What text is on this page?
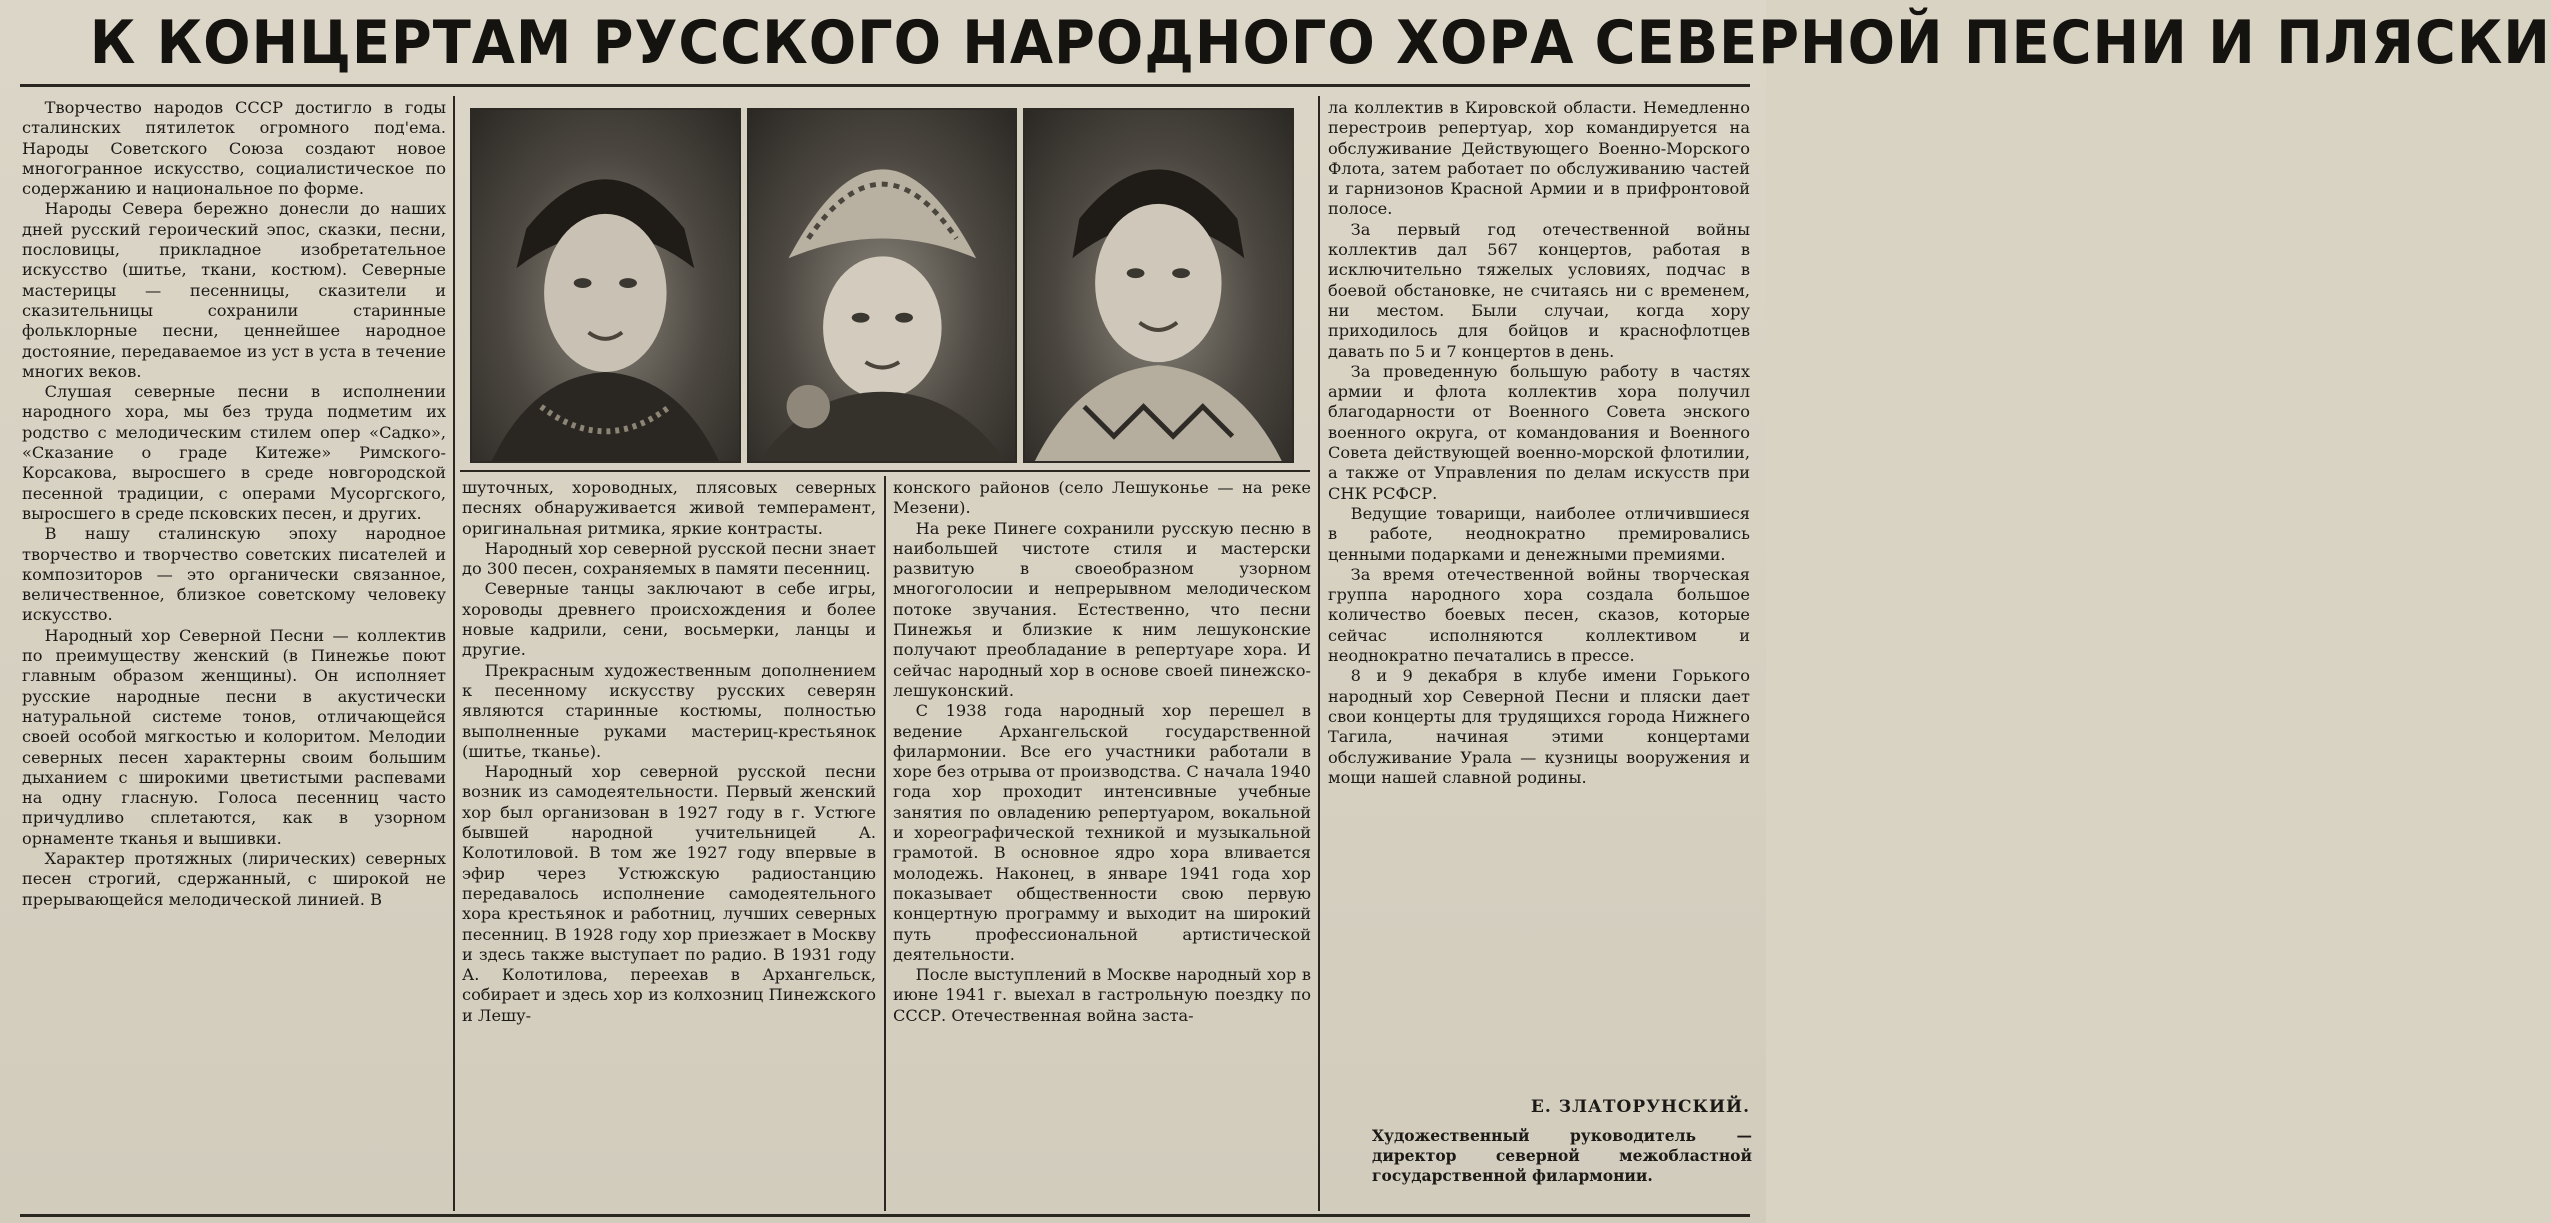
К КОНЦЕРТАМ РУССКОГО НАРОДНОГО ХОРА СЕВЕРНОЙ ПЕСНИ И ПЛЯСКИ

Творчество народов СССР достигло в годы сталинских пятилеток огромного под'ема. Народы Советского Союза создают новое многогранное искусство, социалистическое по содержанию и национальное по форме.

Народы Севера бережно донесли до наших дней русский героический эпос, сказки, песни, пословицы, прикладное изобретательное искусство (шитье, ткани, костюм). Северные мастерицы — песенницы, сказители и сказительницы сохранили старинные фольклорные песни, ценнейшее народное достояние, передаваемое из уст в уста в течение многих веков.

Слушая северные песни в исполнении народного хора, мы без труда подметим их родство с мелодическим стилем опер «Садко», «Сказание о граде Китеже» Римского-Корсакова, выросшего в среде новгородской песенной традиции, с операми Мусоргского, выросшего в среде псковских песен, и других.

В нашу сталинскую эпоху народное творчество и творчество советских писателей и композиторов — это органически связанное, величественное, близкое советскому человеку искусство.

Народный хор Северной Песни — коллектив по преимуществу женский (в Пинежье поют главным образом женщины). Он исполняет русские народные песни в акустически натуральной системе тонов, отличающейся своей особой мягкостью и колоритом. Мелодии северных песен характерны своим большим дыханием с широкими цветистыми распевами на одну гласную. Голоса песенниц часто причудливо сплетаются, как в узорном орнаменте тканья и вышивки.

Характер протяжных (лирических) северных песен строгий, сдержанный, с широкой не прерывающейся мелодической линией. В

шуточных, хороводных, плясовых северных песнях обнаруживается живой темперамент, оригинальная ритмика, яркие контрасты.

Народный хор северной русской песни знает до 300 песен, сохраняемых в памяти песенниц.

Северные танцы заключают в себе игры, хороводы древнего происхождения и более новые кадрили, сени, восьмерки, ланцы и другие.

Прекрасным художественным дополнением к песенному искусству русских северян являются старинные костюмы, полностью выполненные руками мастериц-крестьянок (шитье, тканье).

Народный хор северной русской песни возник из самодеятельности. Первый женский хор был организован в 1927 году в г. Устюге бывшей народной учительницей А. Колотиловой. В том же 1927 году впервые в эфир через Устюжскую радиостанцию передавалось исполнение самодеятельного хора крестьянок и работниц, лучших северных песенниц. В 1928 году хор приезжает в Москву и здесь также выступает по радио. В 1931 году А. Колотилова, переехав в Архангельск, собирает и здесь хор из колхозниц Пинежского и Лешу-

конского районов (село Лешуконье — на реке Мезени).

На реке Пинеге сохранили русскую песню в наибольшей чистоте стиля и мастерски развитую в своеобразном узорном многоголосии и непрерывном мелодическом потоке звучания. Естественно, что песни Пинежья и близкие к ним лешуконские получают преобладание в репертуаре хора. И сейчас народный хор в основе своей пинежско-лешуконский.

С 1938 года народный хор перешел в ведение Архангельской государственной филармонии. Все его участники работали в хоре без отрыва от производства. С начала 1940 года хор проходит интенсивные учебные занятия по овладению репертуаром, вокальной и хореографической техникой и музыкальной грамотой. В основное ядро хора вливается молодежь. Наконец, в январе 1941 года хор показывает общественности свою первую концертную программу и выходит на широкий путь профессиональной артистической деятельности.

После выступлений в Москве народный хор в июне 1941 г. выехал в гастрольную поездку по СССР. Отечественная война заста-

ла коллектив в Кировской области. Немедленно перестроив репертуар, хор командируется на обслуживание Действующего Военно-Морского Флота, затем работает по обслуживанию частей и гарнизонов Красной Армии и в прифронтовой полосе.

За первый год отечественной войны коллектив дал 567 концертов, работая в исключительно тяжелых условиях, подчас в боевой обстановке, не считаясь ни с временем, ни местом. Были случаи, когда хору приходилось для бойцов и краснофлотцев давать по 5 и 7 концертов в день.

За проведенную большую работу в частях армии и флота коллектив хора получил благодарности от Военного Совета энского военного округа, от командования и Военного Совета действующей военно-морской флотилии, а также от Управления по делам искусств при СНК РСФСР.

Ведущие товарищи, наиболее отличившиеся в работе, неоднократно премировались ценными подарками и денежными премиями.

За время отечественной войны творческая группа народного хора создала большое количество боевых песен, сказов, которые сейчас исполняются коллективом и неоднократно печатались в прессе.

8 и 9 декабря в клубе имени Горького народный хор Северной Песни и пляски дает свои концерты для трудящихся города Нижнего Тагила, начиная этими концертами обслуживание Урала — кузницы вооружения и мощи нашей славной родины.

Е. ЗЛАТОРУНСКИЙ.
Художественный руководитель — директор северной межобластной государственной филармонии.
